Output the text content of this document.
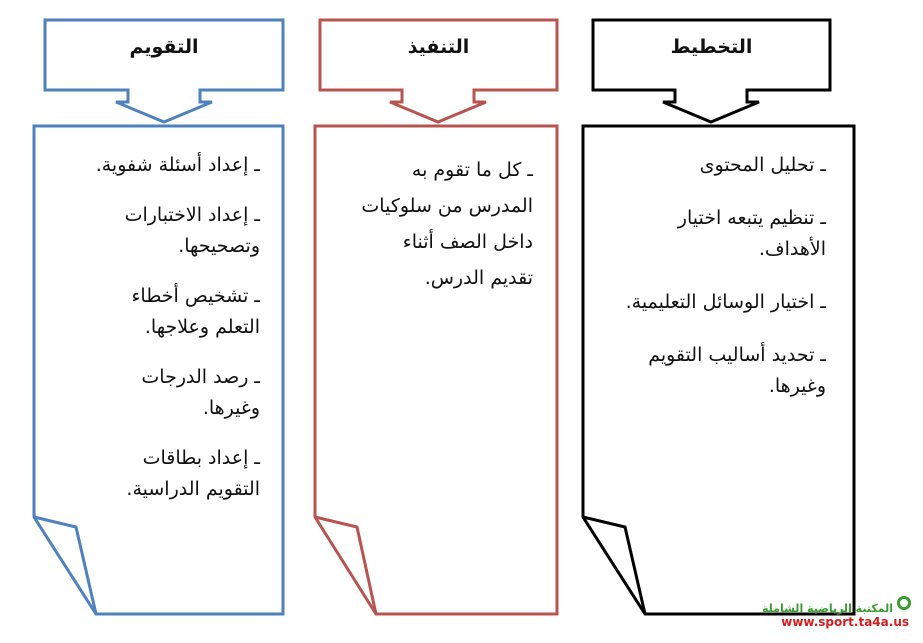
التقويم	التنفيذ	التخطيط

ـ إعداد أسئلة شفوية.

ـ إعداد الاختبارات وتصحيحها.

ـ تشخيص أخطاء التعلم وعلاجها.

ـ رصد الدرجات وغيرها.

ـ إعداد بطاقات التقويم الدراسية.

ـ كل ما تقوم به المدرس من سلوكيات داخل الصف أثناء تقديم الدرس.

ـ تحليل المحتوى

ـ تنظيم يتبعه اختيار الأهداف.

ـ اختيار الوسائل التعليمية.

ـ تحديد أساليب التقويم وغيرها.

المكتبة الرياضية الشاملة
www.sport.ta4a.us
